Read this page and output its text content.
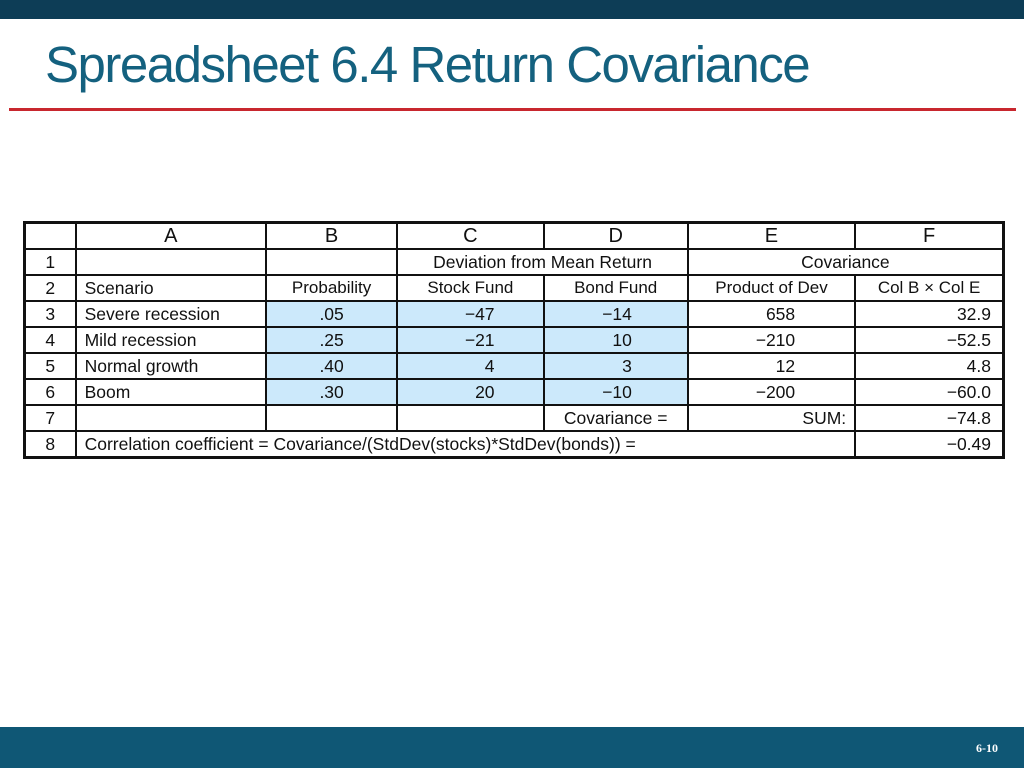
Spreadsheet 6.4 Return Covariance
	A	B	C	D	E	F
1			Deviation from Mean Return		Covariance	
2	Scenario	Probability	Stock Fund	Bond Fund	Product of Dev	Col B × Col E
3	Severe recession	.05	−47	−14	658	32.9
4	Mild recession	.25	−21	10	−210	−52.5
5	Normal growth	.40	4	3	12	4.8
6	Boom	.30	20	−10	−200	−60.0
7				Covariance =	SUM:	−74.8
8	Correlation coefficient = Covariance/(StdDev(stocks)*StdDev(bonds)) =					−0.49
6-10
